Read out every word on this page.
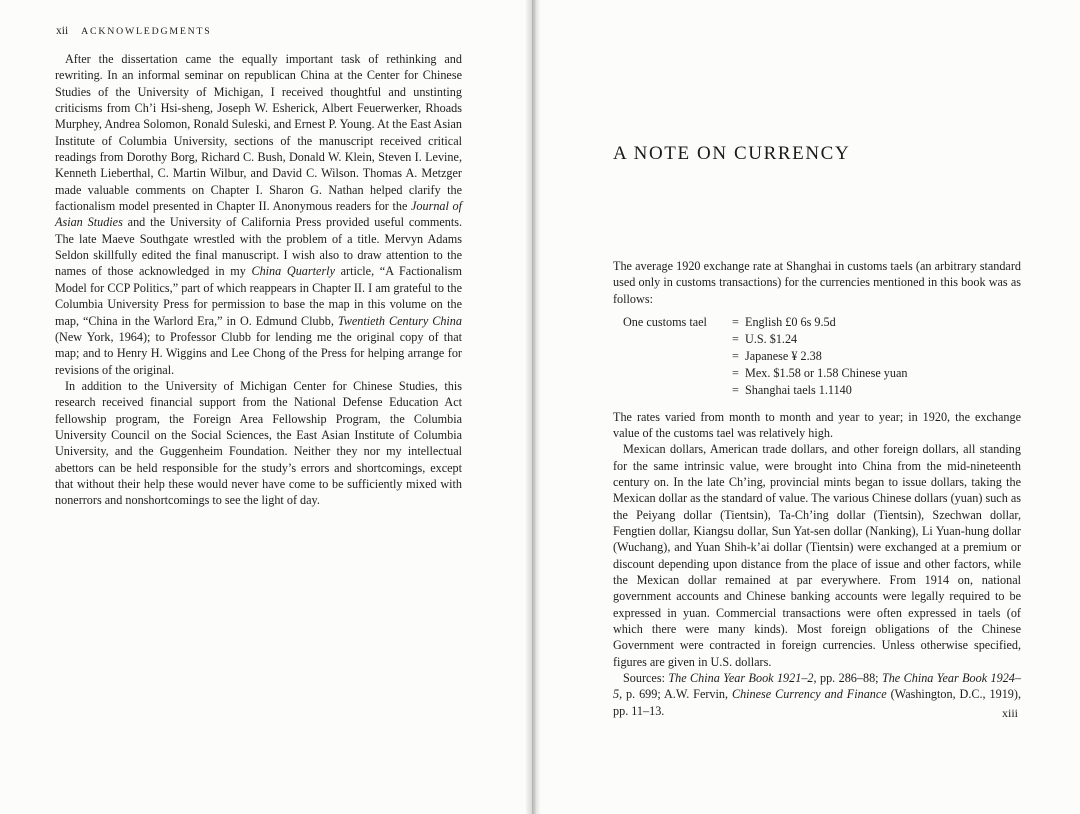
xii ACKNOWLEDGMENTS

After the dissertation came the equally important task of rethinking and rewriting. In an informal seminar on republican China at the Center for Chinese Studies of the University of Michigan, I received thoughtful and unstinting criticisms from Ch’i Hsi-sheng, Joseph W. Esherick, Albert Feuerwerker, Rhoads Murphey, Andrea Solomon, Ronald Suleski, and Ernest P. Young. At the East Asian Institute of Columbia University, sections of the manuscript received critical readings from Dorothy Borg, Richard C. Bush, Donald W. Klein, Steven I. Levine, Kenneth Lieberthal, C. Martin Wilbur, and David C. Wilson. Thomas A. Metzger made valuable comments on Chapter I. Sharon G. Nathan helped clarify the factionalism model presented in Chapter II. Anonymous readers for the Journal of Asian Studies and the University of California Press provided useful comments. The late Maeve Southgate wrestled with the problem of a title. Mervyn Adams Seldon skillfully edited the final manuscript. I wish also to draw attention to the names of those acknowledged in my China Quarterly article, “A Factionalism Model for CCP Politics,” part of which reappears in Chapter II. I am grateful to the Columbia University Press for permission to base the map in this volume on the map, “China in the Warlord Era,” in O. Edmund Clubb, Twentieth Century China (New York, 1964); to Professor Clubb for lending me the original copy of that map; and to Henry H. Wiggins and Lee Chong of the Press for helping arrange for revisions of the original.

In addition to the University of Michigan Center for Chinese Studies, this research received financial support from the National Defense Education Act fellowship program, the Foreign Area Fellowship Program, the Columbia University Council on the Social Sciences, the East Asian Institute of Columbia University, and the Guggenheim Foundation. Neither they nor my intellectual abettors can be held responsible for the study’s errors and shortcomings, except that without their help these would never have come to be sufficiently mixed with nonerrors and nonshortcomings to see the light of day.

A NOTE ON CURRENCY

The average 1920 exchange rate at Shanghai in customs taels (an arbitrary standard used only in customs transactions) for the currencies mentioned in this book was as follows:

One customs tael	= English £0 6s 9.5d
= U.S. $1.24
= Japanese ¥ 2.38
= Mex. $1.58 or 1.58 Chinese yuan
= Shanghai taels 1.1140

The rates varied from month to month and year to year; in 1920, the exchange value of the customs tael was relatively high.

Mexican dollars, American trade dollars, and other foreign dollars, all standing for the same intrinsic value, were brought into China from the mid-nineteenth century on. In the late Ch’ing, provincial mints began to issue dollars, taking the Mexican dollar as the standard of value. The various Chinese dollars (yuan) such as the Peiyang dollar (Tientsin), Ta-Ch’ing dollar (Tientsin), Szechwan dollar, Fengtien dollar, Kiangsu dollar, Sun Yat-sen dollar (Nanking), Li Yuan-hung dollar (Wuchang), and Yuan Shih-k’ai dollar (Tientsin) were exchanged at a premium or discount depending upon distance from the place of issue and other factors, while the Mexican dollar remained at par everywhere. From 1914 on, national government accounts and Chinese banking accounts were legally required to be expressed in yuan. Commercial transactions were often expressed in taels (of which there were many kinds). Most foreign obligations of the Chinese Government were contracted in foreign currencies. Unless otherwise specified, figures are given in U.S. dollars.

Sources: The China Year Book 1921–2, pp. 286–88; The China Year Book 1924–5, p. 699; A.W. Fervin, Chinese Currency and Finance (Washington, D.C., 1919), pp. 11–13.	xiii
